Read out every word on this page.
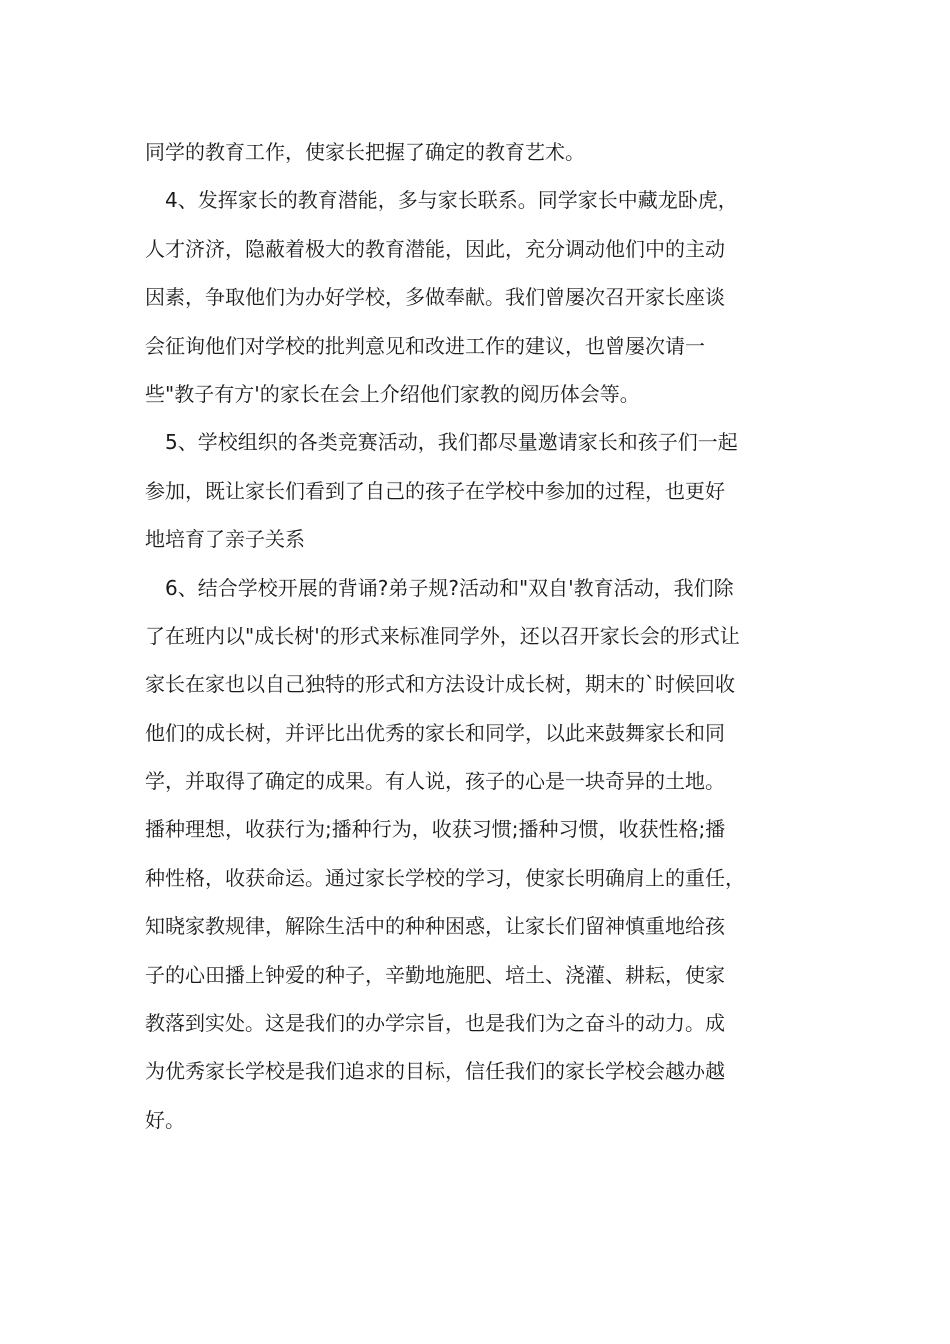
同学的教育工作，使家长把握了确定的教育艺术。
4、发挥家长的教育潜能，多与家长联系。同学家长中藏龙卧虎，
人才济济，隐蔽着极大的教育潜能，因此，充分调动他们中的主动
因素，争取他们为办好学校，多做奉献。我们曾屡次召开家长座谈
会征询他们对学校的批判意见和改进工作的建议，也曾屡次请一
些"教子有方'的家长在会上介绍他们家教的阅历体会等。
5、学校组织的各类竞赛活动，我们都尽量邀请家长和孩子们一起
参加，既让家长们看到了自己的孩子在学校中参加的过程，也更好
地培育了亲子关系
6、结合学校开展的背诵?弟子规?活动和"双自'教育活动，我们除
了在班内以"成长树'的形式来标准同学外，还以召开家长会的形式让
家长在家也以自己独特的形式和方法设计成长树，期末的`时候回收
他们的成长树，并评比出优秀的家长和同学，以此来鼓舞家长和同
学，并取得了确定的成果。有人说，孩子的心是一块奇异的土地。
播种理想，收获行为;播种行为，收获习惯;播种习惯，收获性格;播
种性格，收获命运。通过家长学校的学习，使家长明确肩上的重任，
知晓家教规律，解除生活中的种种困惑，让家长们留神慎重地给孩
子的心田播上钟爱的种子，辛勤地施肥、培土、浇灌、耕耘，使家
教落到实处。这是我们的办学宗旨，也是我们为之奋斗的动力。成
为优秀家长学校是我们追求的目标，信任我们的家长学校会越办越
好。
